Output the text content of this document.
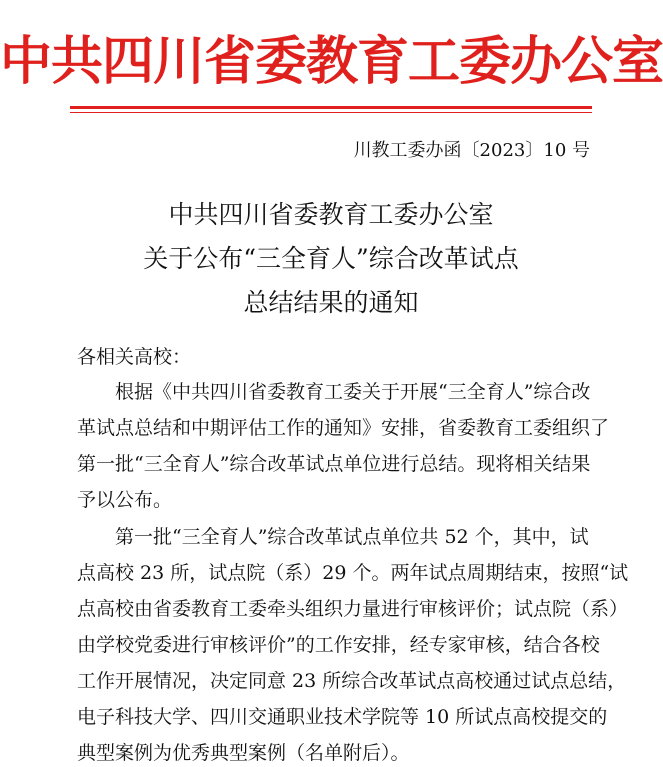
中共四川省委教育工委办公室
川教工委办函〔2023〕10 号
中共四川省委教育工委办公室
关于公布“三全育人”综合改革试点
总结结果的通知
各相关高校：
根据《中共四川省委教育工委关于开展“三全育人”综合改
革试点总结和中期评估工作的通知》安排，省委教育工委组织了
第一批“三全育人”综合改革试点单位进行总结。现将相关结果
予以公布。
第一批“三全育人”综合改革试点单位共 52 个，其中，试
点高校 23 所，试点院（系）29 个。两年试点周期结束，按照“试
点高校由省委教育工委牵头组织力量进行审核评价；试点院（系）
由学校党委进行审核评价”的工作安排，经专家审核，结合各校
工作开展情况，决定同意 23 所综合改革试点高校通过试点总结，
电子科技大学、四川交通职业技术学院等 10 所试点高校提交的
典型案例为优秀典型案例（名单附后）。
